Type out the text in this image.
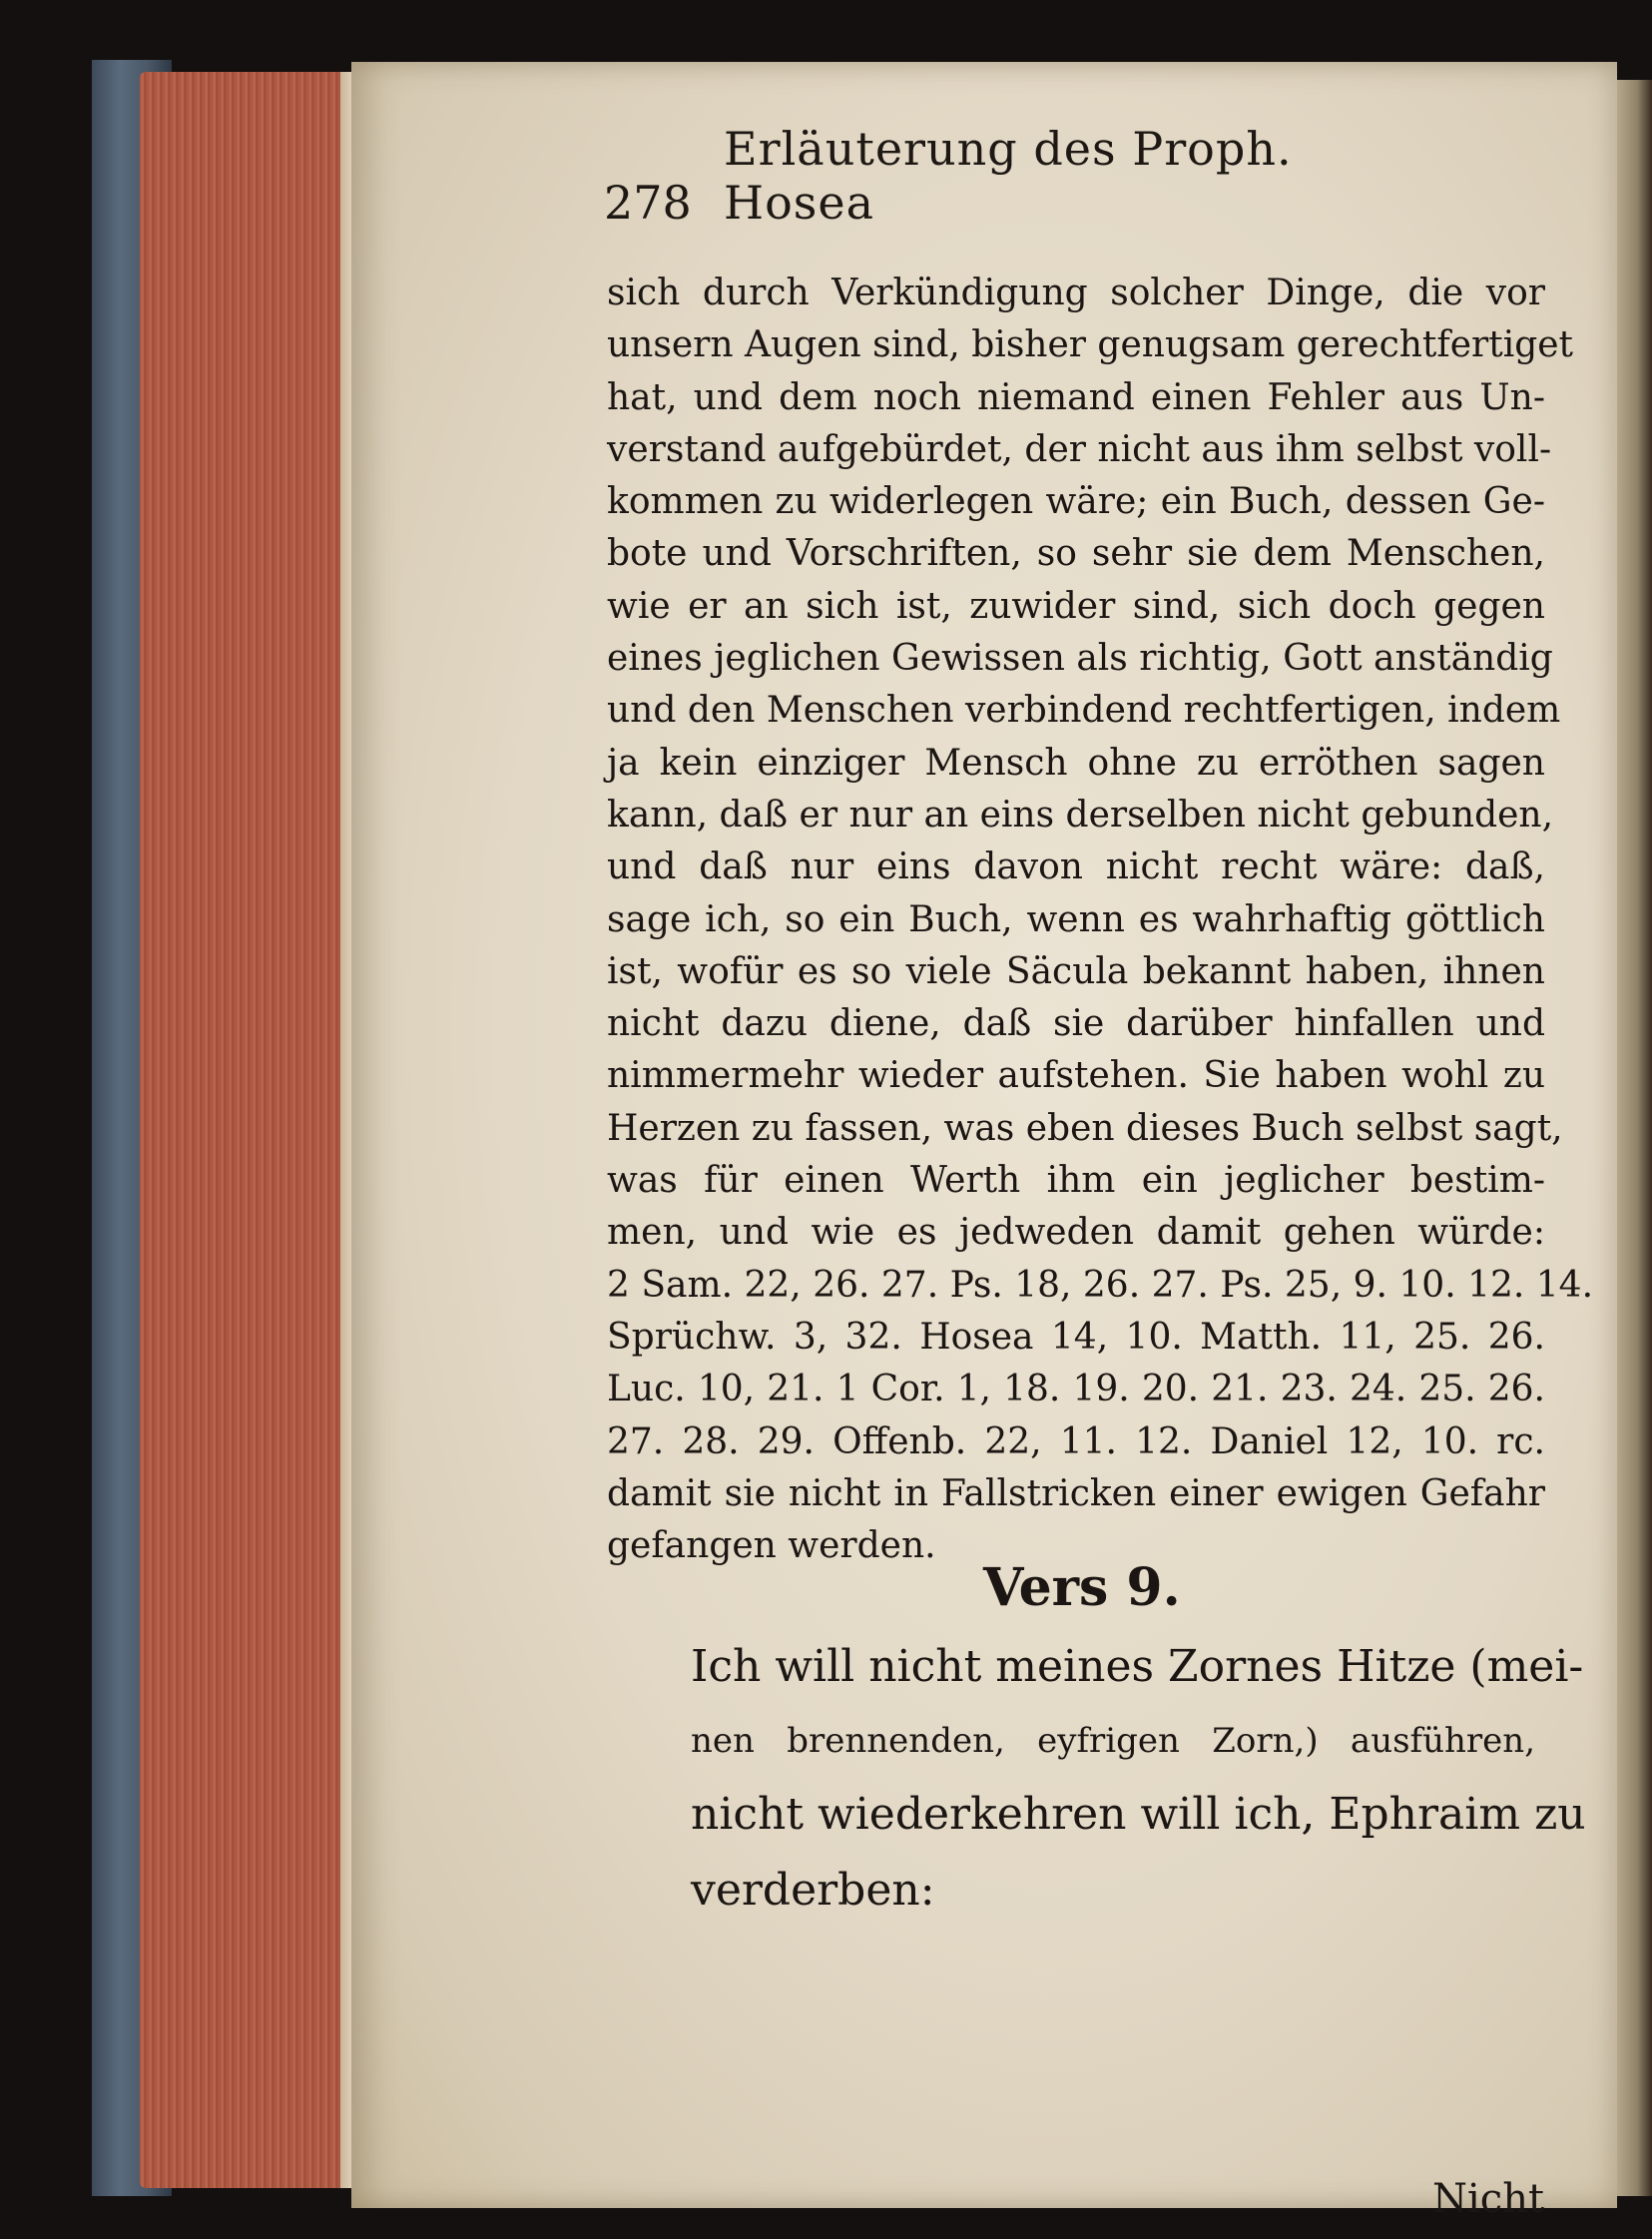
278
Erläuterung des Proph. Hosea
sich durch Verkündigung solcher Dinge, die vor
unsern Augen sind, bisher genugsam gerechtfertiget
hat, und dem noch niemand einen Fehler aus Un-
verstand aufgebürdet, der nicht aus ihm selbst voll-
kommen zu widerlegen wäre; ein Buch, dessen Ge-
bote und Vorschriften, so sehr sie dem Menschen,
wie er an sich ist, zuwider sind, sich doch gegen
eines jeglichen Gewissen als richtig, Gott anständig
und den Menschen verbindend rechtfertigen, indem
ja kein einziger Mensch ohne zu erröthen sagen
kann, daß er nur an eins derselben nicht gebunden,
und daß nur eins davon nicht recht wäre: daß,
sage ich, so ein Buch, wenn es wahrhaftig göttlich
ist, wofür es so viele Säcula bekannt haben, ihnen
nicht dazu diene, daß sie darüber hinfallen und
nimmermehr wieder aufstehen. Sie haben wohl zu
Herzen zu fassen, was eben dieses Buch selbst sagt,
was für einen Werth ihm ein jeglicher bestim-
men, und wie es jedweden damit gehen würde:
2 Sam. 22, 26. 27. Ps. 18, 26. 27. Ps. 25, 9. 10. 12. 14.
Sprüchw. 3, 32. Hosea 14, 10. Matth. 11, 25. 26.
Luc. 10, 21. 1 Cor. 1, 18. 19. 20. 21. 23. 24. 25. 26.
27. 28. 29. Offenb. 22, 11. 12. Daniel 12, 10. rc.
damit sie nicht in Fallstricken einer ewigen Gefahr
gefangen werden.
Vers 9.
Ich will nicht meines Zornes Hitze (mei-
nen brennenden, eyfrigen Zorn,) ausführen,
nicht wiederkehren will ich, Ephraim zu
verderben:
Nicht
